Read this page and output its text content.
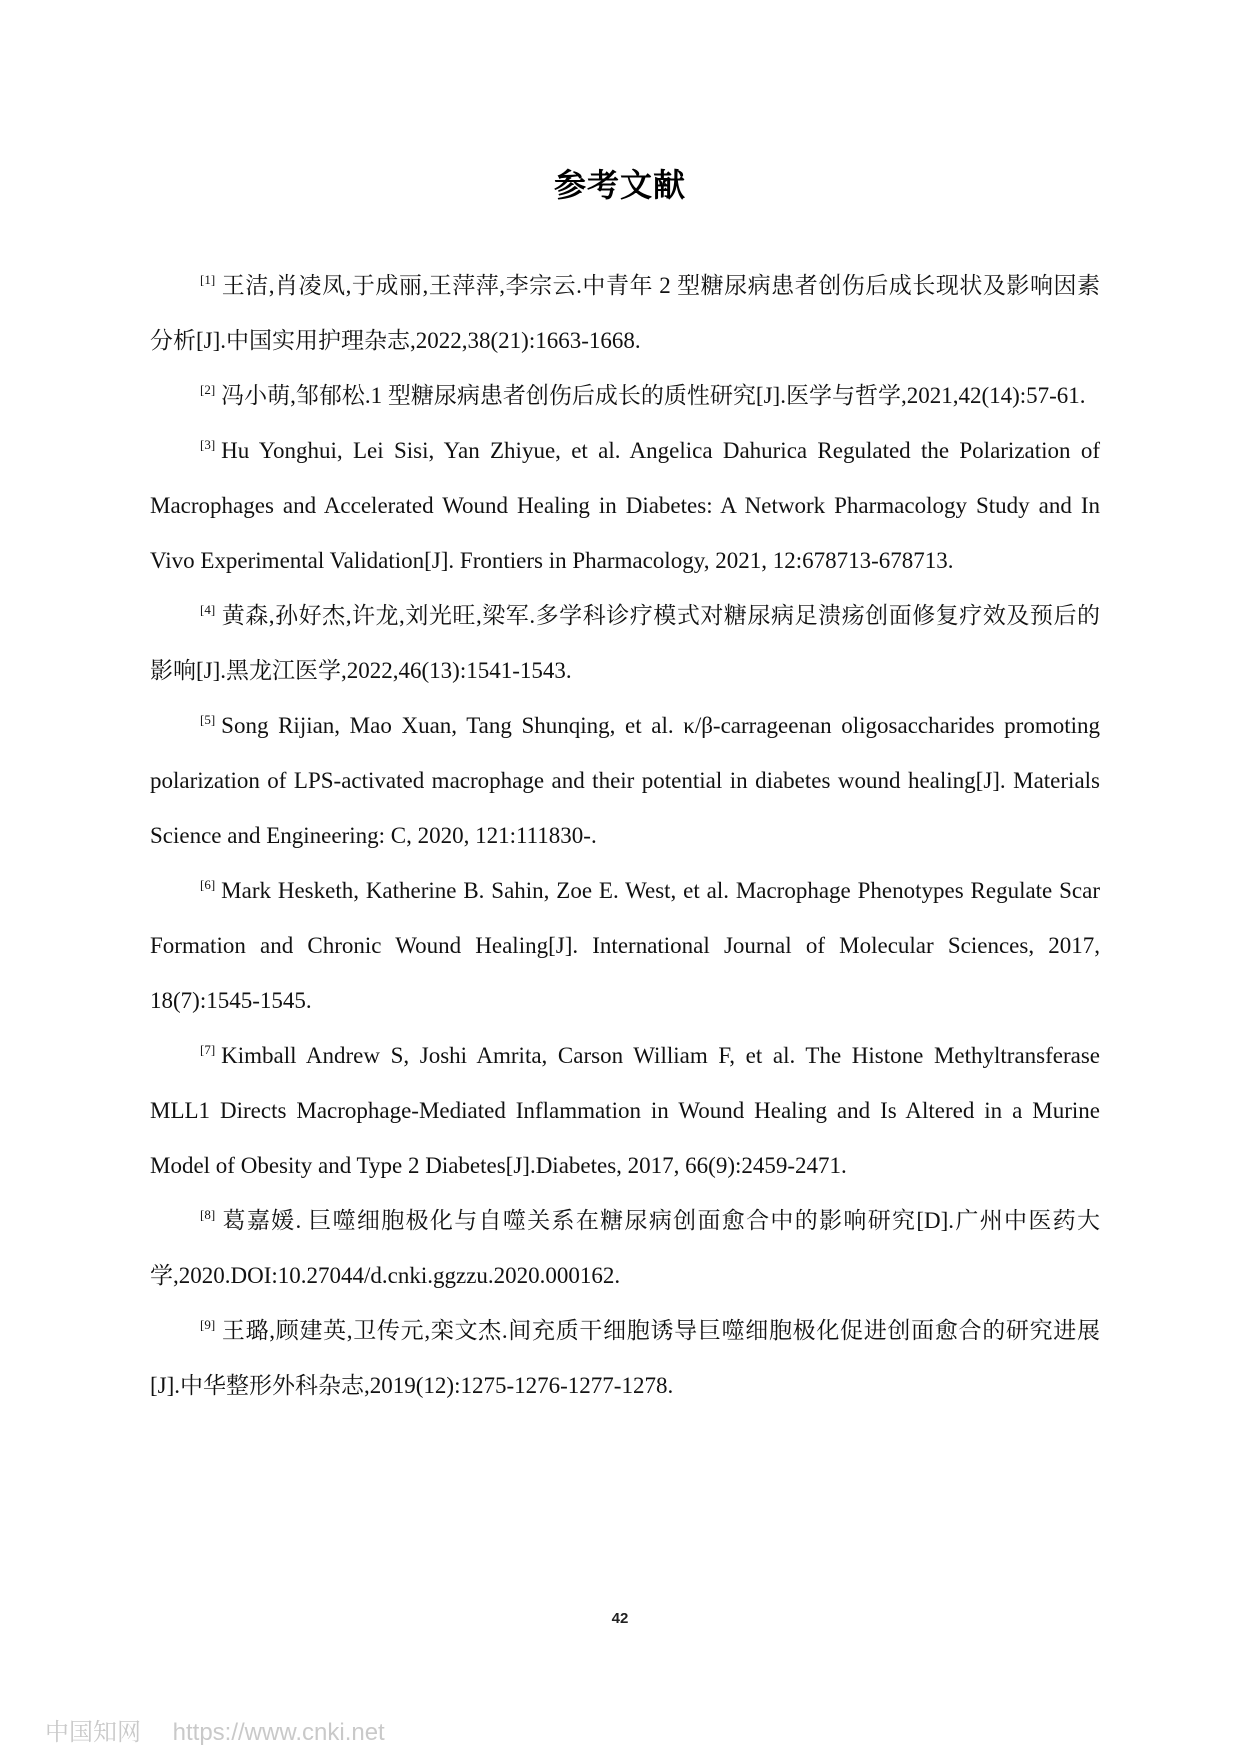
参考文献

[1] 王洁,肖凌凤,于成丽,王萍萍,李宗云.中青年 2 型糖尿病患者创伤后成长现状及影响因素分析[J].中国实用护理杂志,2022,38(21):1663-1668.

[2] 冯小萌,邹郁松.1 型糖尿病患者创伤后成长的质性研究[J].医学与哲学,2021,42(14):57-61.

[3] Hu Yonghui, Lei Sisi, Yan Zhiyue, et al. Angelica Dahurica Regulated the Polarization of Macrophages and Accelerated Wound Healing in Diabetes: A Network Pharmacology Study and In Vivo Experimental Validation[J]. Frontiers in Pharmacology, 2021, 12:678713-678713.

[4] 黄森,孙好杰,许龙,刘光旺,梁军.多学科诊疗模式对糖尿病足溃疡创面修复疗效及预后的影响[J].黑龙江医学,2022,46(13):1541-1543.

[5] Song Rijian, Mao Xuan, Tang Shunqing, et al. κ/β-carrageenan oligosaccharides promoting polarization of LPS-activated macrophage and their potential in diabetes wound healing[J]. Materials Science and Engineering: C, 2020, 121:111830-.

[6] Mark Hesketh, Katherine B. Sahin, Zoe E. West, et al. Macrophage Phenotypes Regulate Scar Formation and Chronic Wound Healing[J]. International Journal of Molecular Sciences, 2017, 18(7):1545-1545.

[7] Kimball Andrew S, Joshi Amrita, Carson William F, et al. The Histone Methyltransferase MLL1 Directs Macrophage-Mediated Inflammation in Wound Healing and Is Altered in a Murine Model of Obesity and Type 2 Diabetes[J].Diabetes, 2017, 66(9):2459-2471.

[8] 葛嘉媛. 巨噬细胞极化与自噬关系在糖尿病创面愈合中的影响研究[D].广州中医药大学,2020.DOI:10.27044/d.cnki.ggzzu.2020.000162.

[9] 王璐,顾建英,卫传元,栾文杰.间充质干细胞诱导巨噬细胞极化促进创面愈合的研究进展[J].中华整形外科杂志,2019(12):1275-1276-1277-1278.

42
中国知网 https://www.cnki.net
